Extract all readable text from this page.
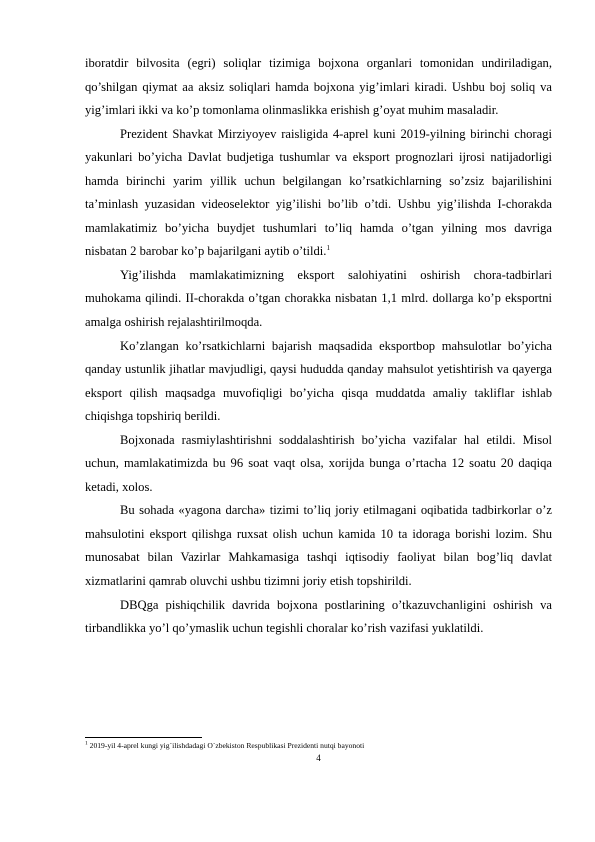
iboratdir bilvosita (egri) soliqlar tizimiga bojxona organlari tomonidan undiriladigan, qo’shilgan qiymat aa aksiz soliqlari hamda bojxona yig’imlari kiradi. Ushbu boj soliq va yig’imlari ikki va ko’p tomonlama olinmaslikka erishish g’oyat muhim masaladir.

Prezident Shavkat Mirziyoyev raisligida 4-aprel kuni 2019-yilning birinchi choragi yakunlari bo’yicha Davlat budjetiga tushumlar va eksport prognozlari ijrosi natijadorligi hamda birinchi yarim yillik uchun belgilangan ko’rsatkichlarning so’zsiz bajarilishini ta’minlash yuzasidan videoselektor yig’ilishi bo’lib o’tdi. Ushbu yig’ilishda I-chorakda mamlakatimiz bo’yicha buydjet tushumlari to’liq hamda o’tgan yilning mos davriga nisbatan 2 barobar ko’p bajarilgani aytib o’tildi.$^1$

Yig’ilishda mamlakatimizning eksport salohiyatini oshirish chora-tadbirlari muhokama qilindi. II-chorakda o’tgan chorakka nisbatan 1,1 mlrd. dollarga ko’p eksportni amalga oshirish rejalashtirilmoqda.

Ko’zlangan ko’rsatkichlarni bajarish maqsadida eksportbop mahsulotlar bo’yicha qanday ustunlik jihatlar mavjudligi, qaysi hududda qanday mahsulot yetishtirish va qayerga eksport qilish maqsadga muvofiqligi bo’yicha qisqa muddatda amaliy takliflar ishlab chiqishga topshiriq berildi.

Bojxonada rasmiylashtirishni soddalashtirish bo’yicha vazifalar hal etildi. Misol uchun, mamlakatimizda bu 96 soat vaqt olsa, xorijda bunga o’rtacha 12 soatu 20 daqiqa ketadi, xolos.

Bu sohada «yagona darcha» tizimi to’liq joriy etilmagani oqibatida tadbirkorlar o’z mahsulotini eksport qilishga ruxsat olish uchun kamida 10 ta idoraga borishi lozim. Shu munosabat bilan Vazirlar Mahkamasiga tashqi iqtisodiy faoliyat bilan bog’liq davlat xizmatlarini qamrab oluvchi ushbu tizimni joriy etish topshirildi.

DBQga pishiqchilik davrida bojxona postlarining o’tkazuvchanligini oshirish va tirbandlikka yo’l qo’ymaslik uchun tegishli choralar ko’rish vazifasi yuklatildi.

$^1$ 2019-yil 4-aprel kungi yig`ilishdadagi O`zbekiston Respublikasi Prezidenti nutqi bayonoti
4
